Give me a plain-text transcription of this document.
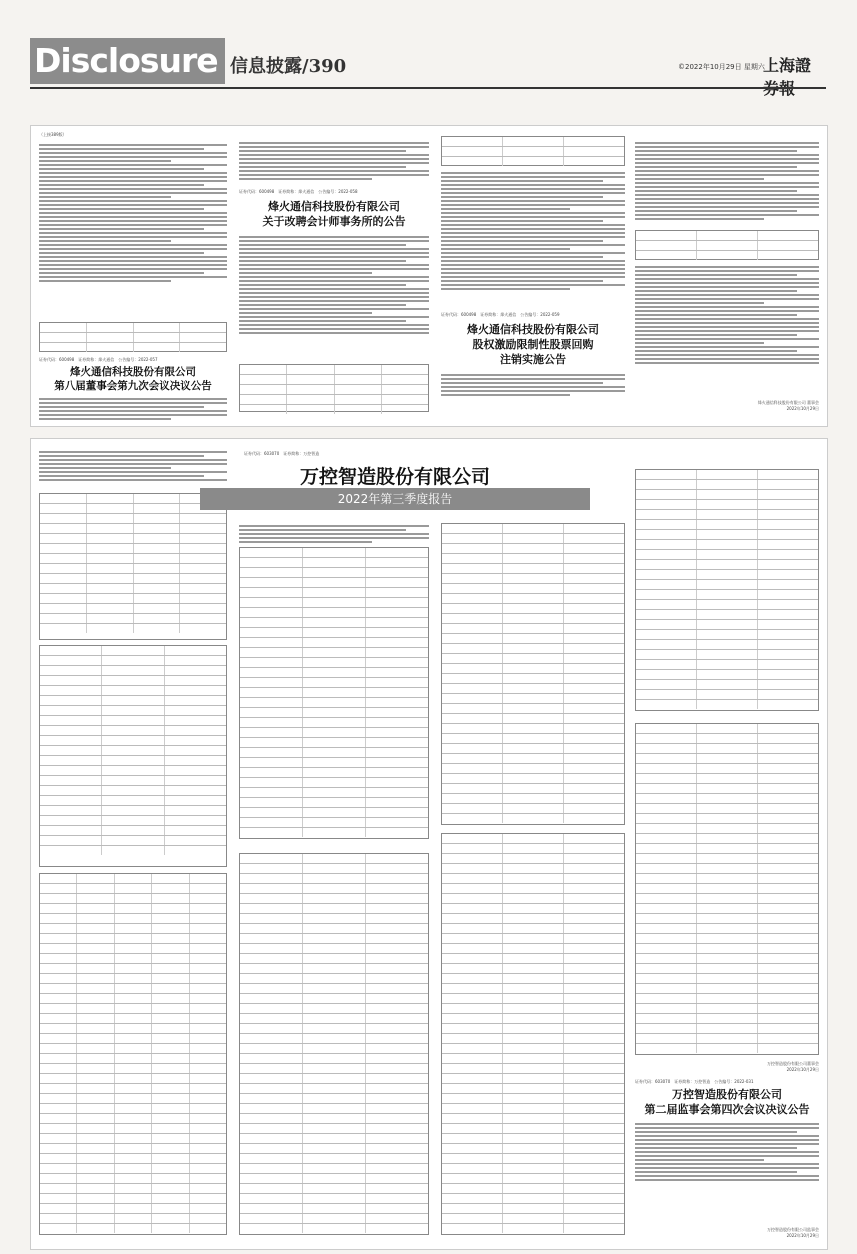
Disclosure 信息披露/390	©2022年10月29日 星期六
上海證
（上接389版）
证券代码：600498　证券简称：烽火通信　公告编号：2022-057
烽火通信科技股份有限公司
第八届董事会第九次会议决议公告
证券代码：600498　证券简称：烽火通信　公告编号：2022-058
烽火通信科技股份有限公司
关于改聘会计师事务所的公告
证券代码：600498　证券简称：烽火通信　公告编号：2022-059
烽火通信科技股份有限公司
股权激励限制性股票回购
注销实施公告
烽火通信科技股份有限公司 董事会
2022年10月29日
万控智造股份有限公司董事会
2022年10月29日
证券代码：603070　证券简称：万控智造　公告编号：2022-031
万控智造股份有限公司
第二届监事会第四次会议决议公告
万控智造股份有限公司监事会
2022年10月29日
证券代码：603070　证券简称：万控智造
万控智造股份有限公司
2022年第三季度报告
